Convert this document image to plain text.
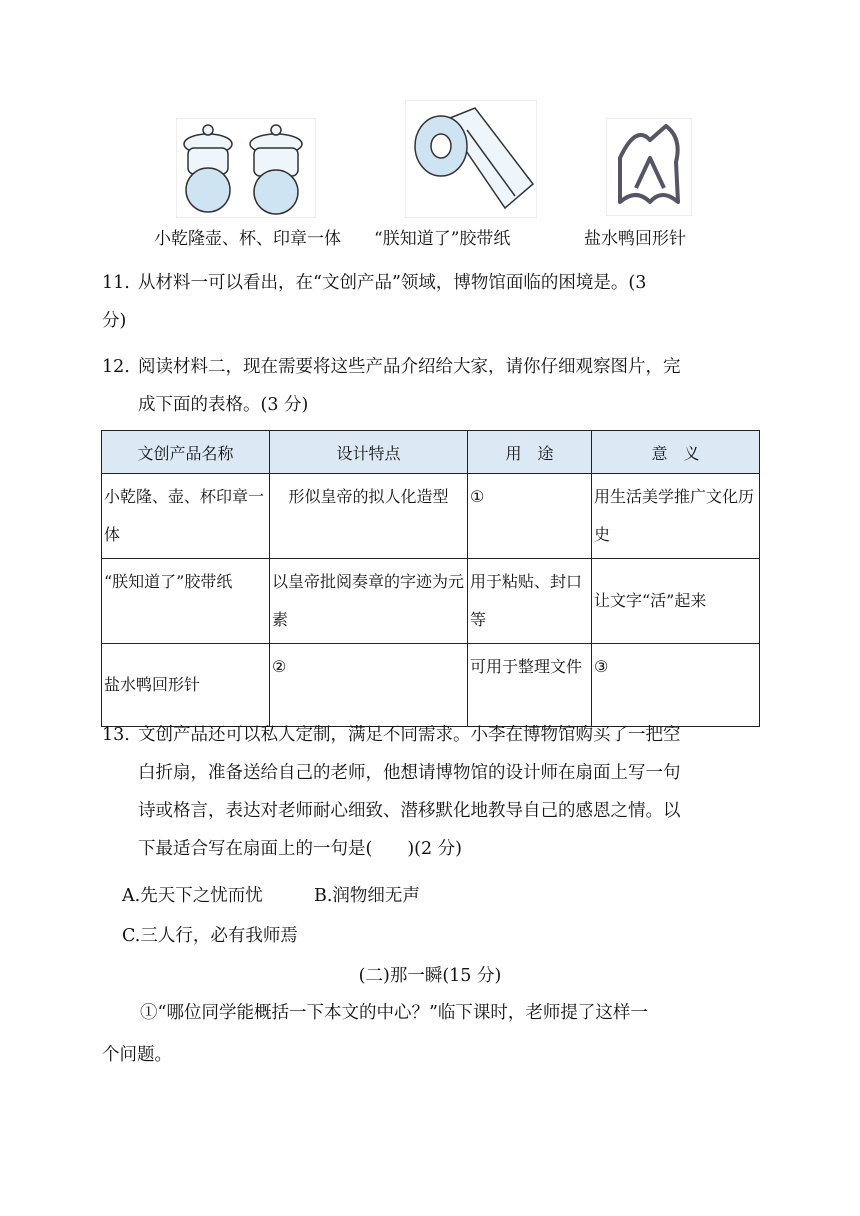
小乾隆壶、杯、印章一体 “朕知道了”胶带纸	盐水鸭回形针
11. 从材料一可以看出，在“文创产品”领域，博物馆面临的困境是。(3
分)
12. 阅读材料二，现在需要将这些产品介绍给大家，请你仔细观察图片，完
成下面的表格。(3 分)
文创产品名称	设计特点	用　途	意　义
小乾隆、壶、杯印章一体	形似皇帝的拟人化造型	①	用生活美学推广文化历史
“朕知道了”胶带纸	以皇帝批阅奏章的字迹为元素	用于粘贴、封口等	让文字“活”起来
盐水鸭回形针	②	可用于整理文件	③
13. 文创产品还可以私人定制，满足不同需求。小李在博物馆购买了一把空
白折扇，准备送给自己的老师，他想请博物馆的设计师在扇面上写一句
诗或格言，表达对老师耐心细致、潜移默化地教导自己的感恩之情。以
下最适合写在扇面上的一句是(　　)(2 分)
A.先天下之忧而忧	B.润物细无声
C.三人行，必有我师焉
(二)那一瞬(15 分)
①“哪位同学能概括一下本文的中心？”临下课时，老师提了这样一
个问题。
